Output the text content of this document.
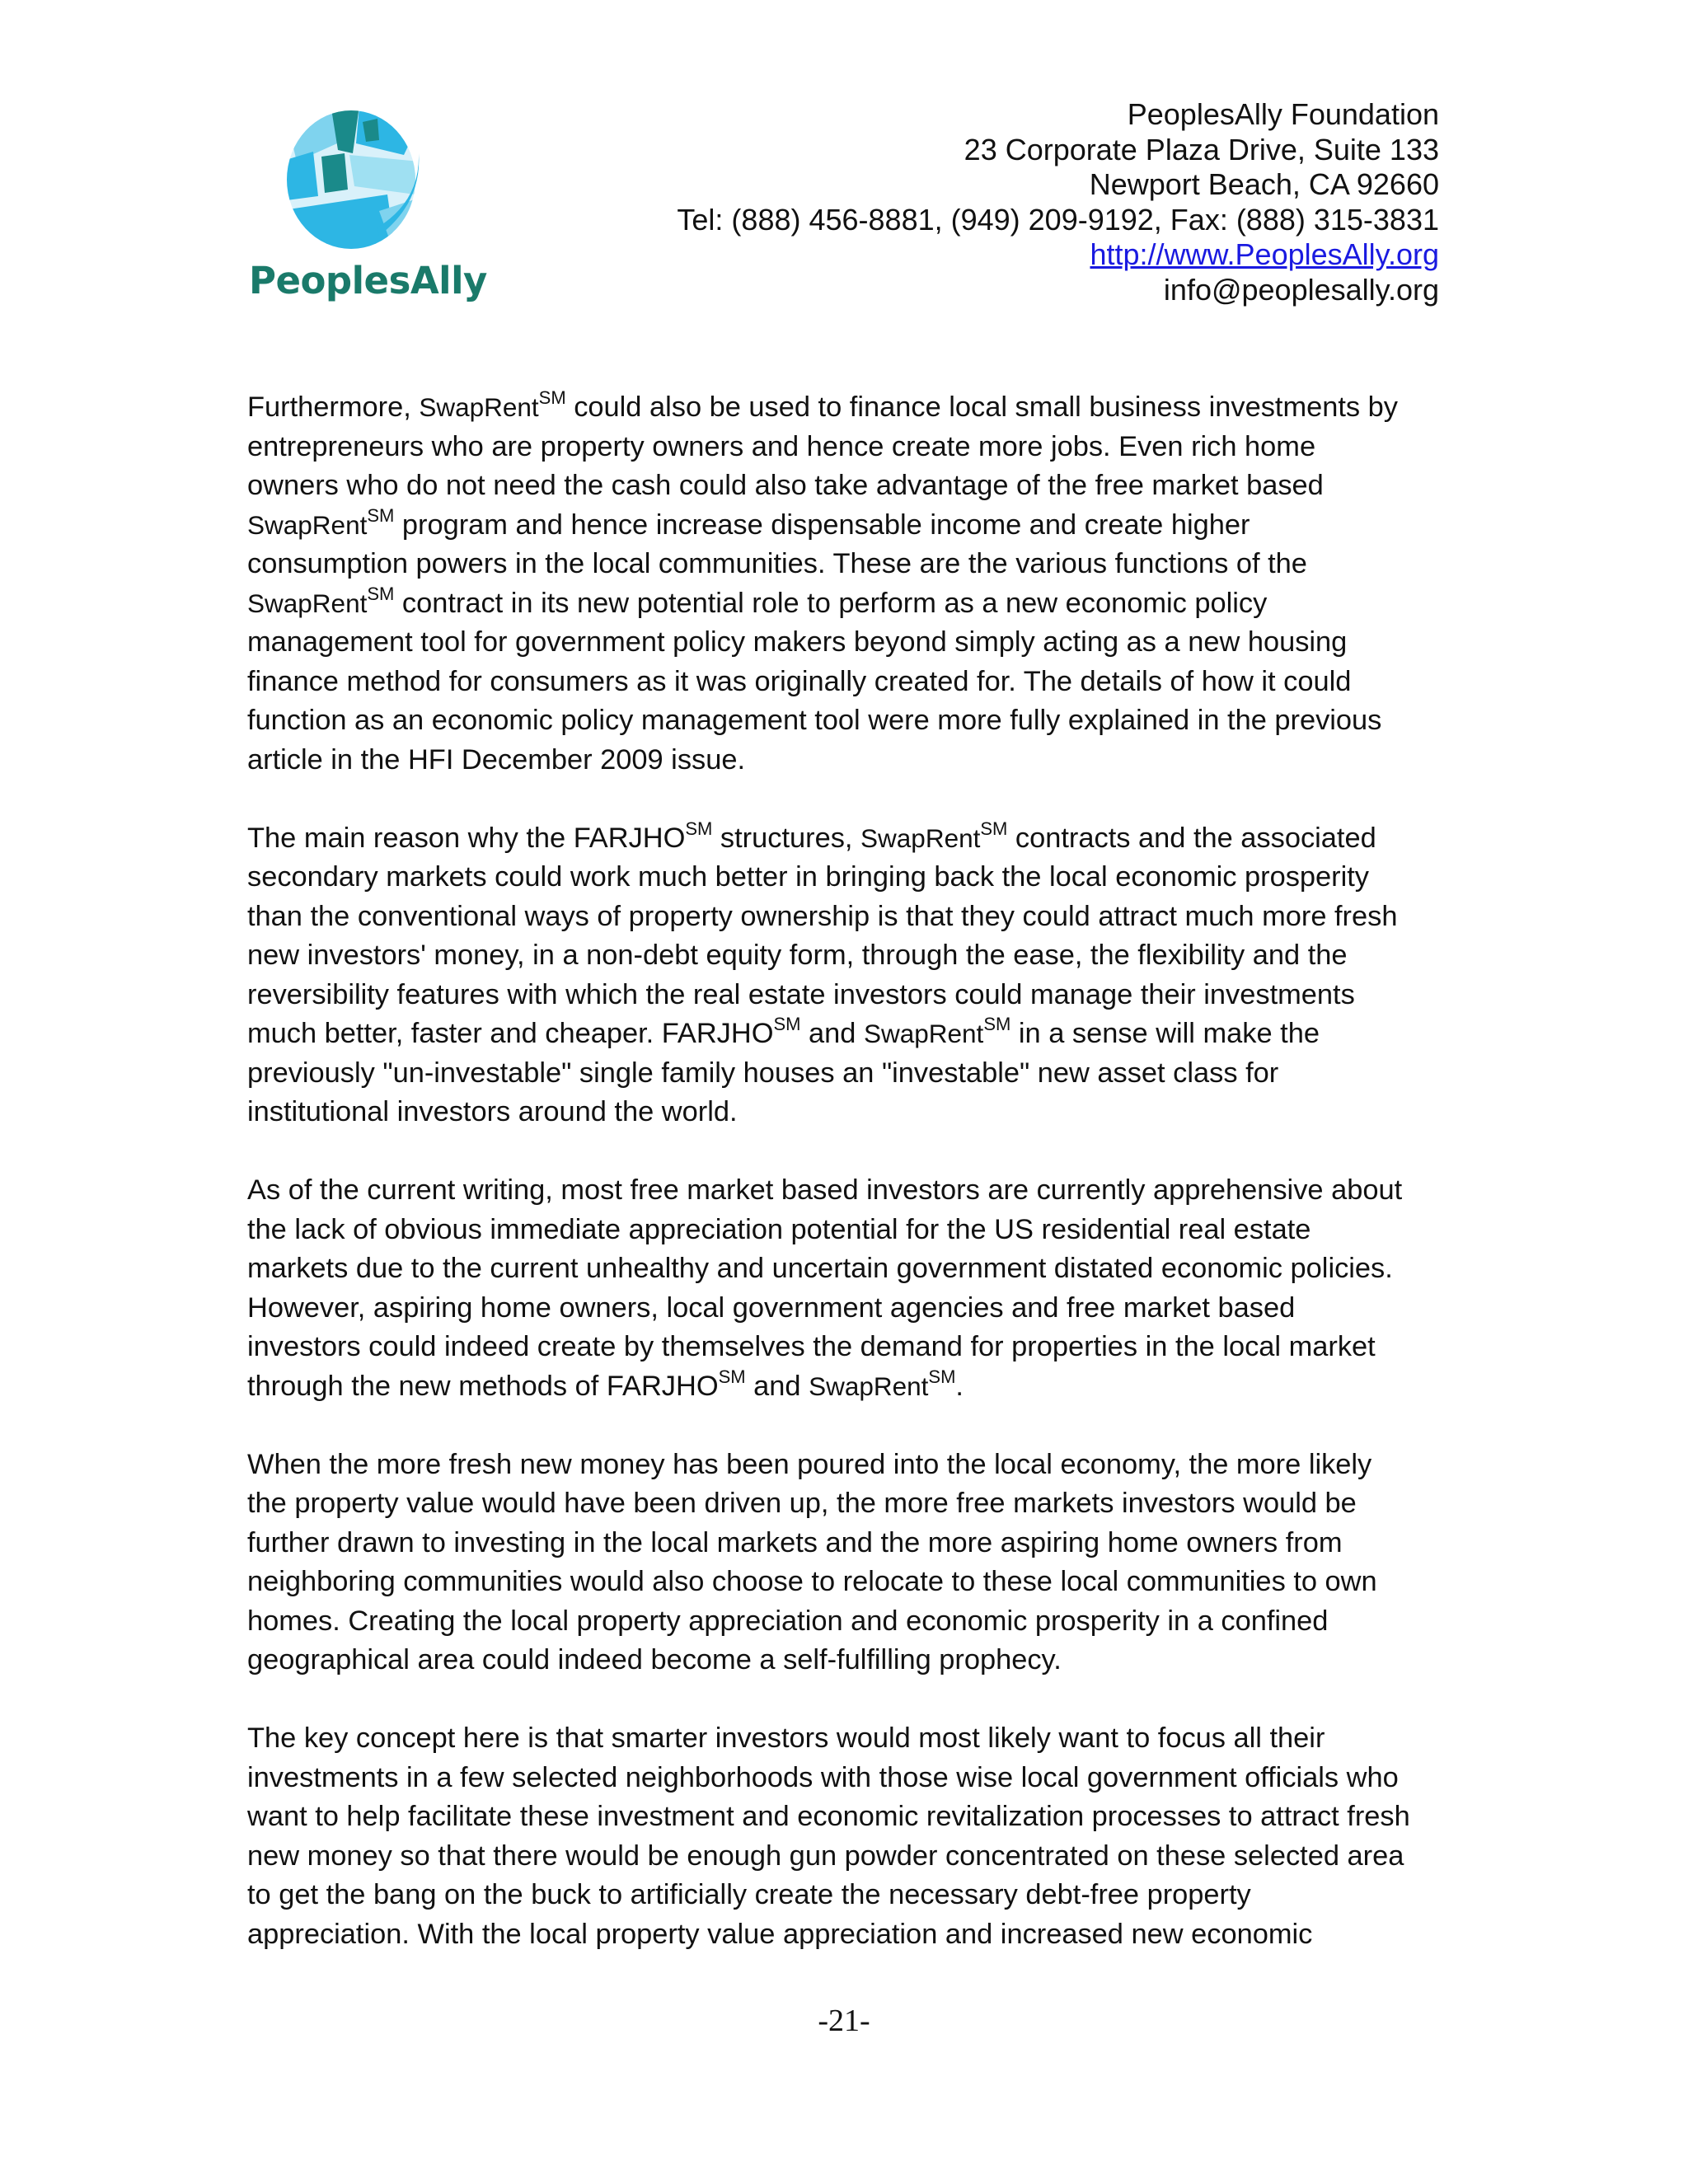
PeoplesAlly
PeoplesAlly Foundation
23 Corporate Plaza Drive, Suite 133
Newport Beach, CA 92660
Tel: (888) 456-8881, (949) 209-9192, Fax: (888) 315-3831
http://www.PeoplesAlly.org
info@peoplesally.org

Furthermore, SwapRent℠ could also be used to finance local small business investments by
entrepreneurs who are property owners and hence create more jobs. Even rich home
owners who do not need the cash could also take advantage of the free market based
SwapRent℠ program and hence increase dispensable income and create higher
consumption powers in the local communities. These are the various functions of the
SwapRent℠ contract in its new potential role to perform as a new economic policy
management tool for government policy makers beyond simply acting as a new housing
finance method for consumers as it was originally created for. The details of how it could
function as an economic policy management tool were more fully explained in the previous
article in the HFI December 2009 issue.

The main reason why the FARJHO℠ structures, SwapRent℠ contracts and the associated
secondary markets could work much better in bringing back the local economic prosperity
than the conventional ways of property ownership is that they could attract much more fresh
new investors' money, in a non-debt equity form, through the ease, the flexibility and the
reversibility features with which the real estate investors could manage their investments
much better, faster and cheaper. FARJHO℠ and SwapRent℠ in a sense will make the
previously "un-investable" single family houses an "investable" new asset class for
institutional investors around the world.

As of the current writing, most free market based investors are currently apprehensive about
the lack of obvious immediate appreciation potential for the US residential real estate
markets due to the current unhealthy and uncertain government distated economic policies.
However, aspiring home owners, local government agencies and free market based
investors could indeed create by themselves the demand for properties in the local market
through the new methods of FARJHO℠ and SwapRent℠.

When the more fresh new money has been poured into the local economy, the more likely
the property value would have been driven up, the more free markets investors would be
further drawn to investing in the local markets and the more aspiring home owners from
neighboring communities would also choose to relocate to these local communities to own
homes. Creating the local property appreciation and economic prosperity in a confined
geographical area could indeed become a self-fulfilling prophecy.

The key concept here is that smarter investors would most likely want to focus all their
investments in a few selected neighborhoods with those wise local government officials who
want to help facilitate these investment and economic revitalization processes to attract fresh
new money so that there would be enough gun powder concentrated on these selected area
to get the bang on the buck to artificially create the necessary debt-free property
appreciation. With the local property value appreciation and increased new economic

-21-
